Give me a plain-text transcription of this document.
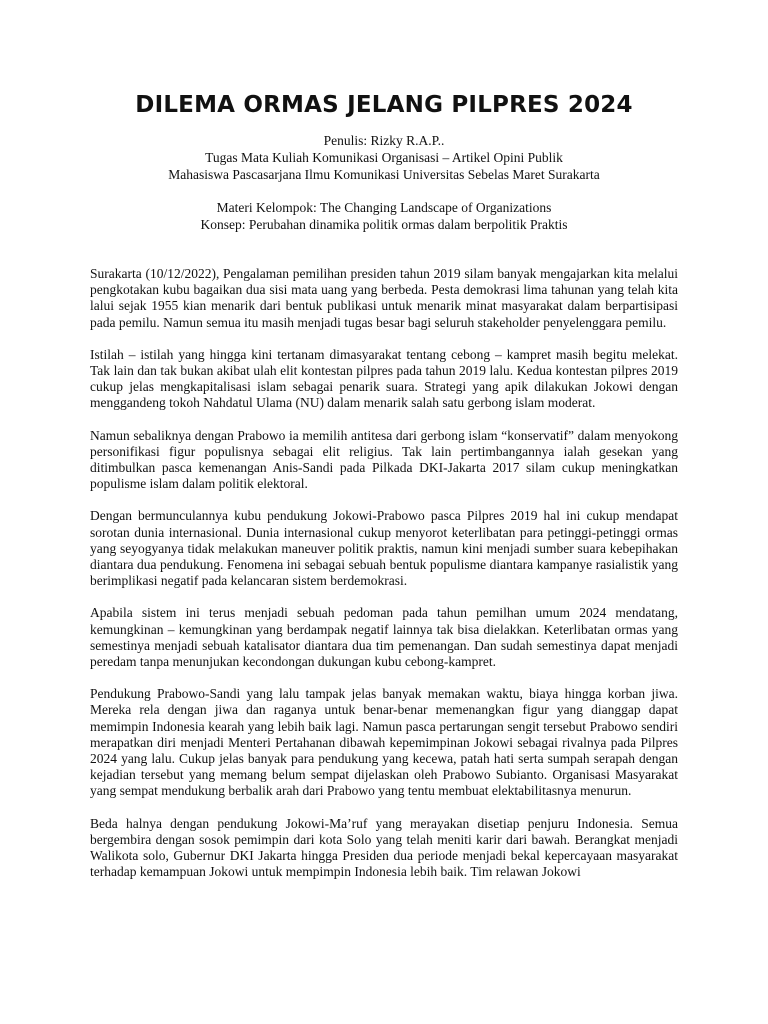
DILEMA ORMAS JELANG PILPRES 2024
Penulis: Rizky R.A.P..
Tugas Mata Kuliah Komunikasi Organisasi – Artikel Opini Publik
Mahasiswa Pascasarjana Ilmu Komunikasi Universitas Sebelas Maret Surakarta
Materi Kelompok: The Changing Landscape of Organizations
Konsep: Perubahan dinamika politik ormas dalam berpolitik Praktis

Surakarta (10/12/2022), Pengalaman pemilihan presiden tahun 2019 silam banyak mengajarkan kita melalui pengkotakan kubu bagaikan dua sisi mata uang yang berbeda. Pesta demokrasi lima tahunan yang telah kita lalui sejak 1955 kian menarik dari bentuk publikasi untuk menarik minat masyarakat dalam berpartisipasi pada pemilu. Namun semua itu masih menjadi tugas besar bagi seluruh stakeholder penyelenggara pemilu.

Istilah – istilah yang hingga kini tertanam dimasyarakat tentang cebong – kampret masih begitu melekat. Tak lain dan tak bukan akibat ulah elit kontestan pilpres pada tahun 2019 lalu. Kedua kontestan pilpres 2019 cukup jelas mengkapitalisasi islam sebagai penarik suara. Strategi yang apik dilakukan Jokowi dengan menggandeng tokoh Nahdatul Ulama (NU) dalam menarik salah satu gerbong islam moderat.

Namun sebaliknya dengan Prabowo ia memilih antitesa dari gerbong islam “konservatif” dalam menyokong personifikasi figur populisnya sebagai elit religius. Tak lain pertimbangannya ialah gesekan yang ditimbulkan pasca kemenangan Anis-Sandi pada Pilkada DKI-Jakarta 2017 silam cukup meningkatkan populisme islam dalam politik elektoral.

Dengan bermunculannya kubu pendukung Jokowi-Prabowo pasca Pilpres 2019 hal ini cukup mendapat sorotan dunia internasional. Dunia internasional cukup menyorot keterlibatan para petinggi-petinggi ormas yang seyogyanya tidak melakukan maneuver politik praktis, namun kini menjadi sumber suara kebepihakan diantara dua pendukung. Fenomena ini sebagai sebuah bentuk populisme diantara kampanye rasialistik yang berimplikasi negatif pada kelancaran sistem berdemokrasi.

Apabila sistem ini terus menjadi sebuah pedoman pada tahun pemilhan umum 2024 mendatang, kemungkinan – kemungkinan yang berdampak negatif lainnya tak bisa dielakkan. Keterlibatan ormas yang semestinya menjadi sebuah katalisator diantara dua tim pemenangan. Dan sudah semestinya dapat menjadi peredam tanpa menunjukan kecondongan dukungan kubu cebong-kampret.

Pendukung Prabowo-Sandi yang lalu tampak jelas banyak memakan waktu, biaya hingga korban jiwa. Mereka rela dengan jiwa dan raganya untuk benar-benar memenangkan figur yang dianggap dapat memimpin Indonesia kearah yang lebih baik lagi. Namun pasca pertarungan sengit tersebut Prabowo sendiri merapatkan diri menjadi Menteri Pertahanan dibawah kepemimpinan Jokowi sebagai rivalnya pada Pilpres 2024 yang lalu. Cukup jelas banyak para pendukung yang kecewa, patah hati serta sumpah serapah dengan kejadian tersebut yang memang belum sempat dijelaskan oleh Prabowo Subianto. Organisasi Masyarakat yang sempat mendukung berbalik arah dari Prabowo yang tentu membuat elektabilitasnya menurun.

Beda halnya dengan pendukung Jokowi-Ma’ruf yang merayakan disetiap penjuru Indonesia. Semua bergembira dengan sosok pemimpin dari kota Solo yang telah meniti karir dari bawah. Berangkat menjadi Walikota solo, Gubernur DKI Jakarta hingga Presiden dua periode menjadi bekal kepercayaan masyarakat terhadap kemampuan Jokowi untuk mempimpin Indonesia lebih baik. Tim relawan Jokowi
